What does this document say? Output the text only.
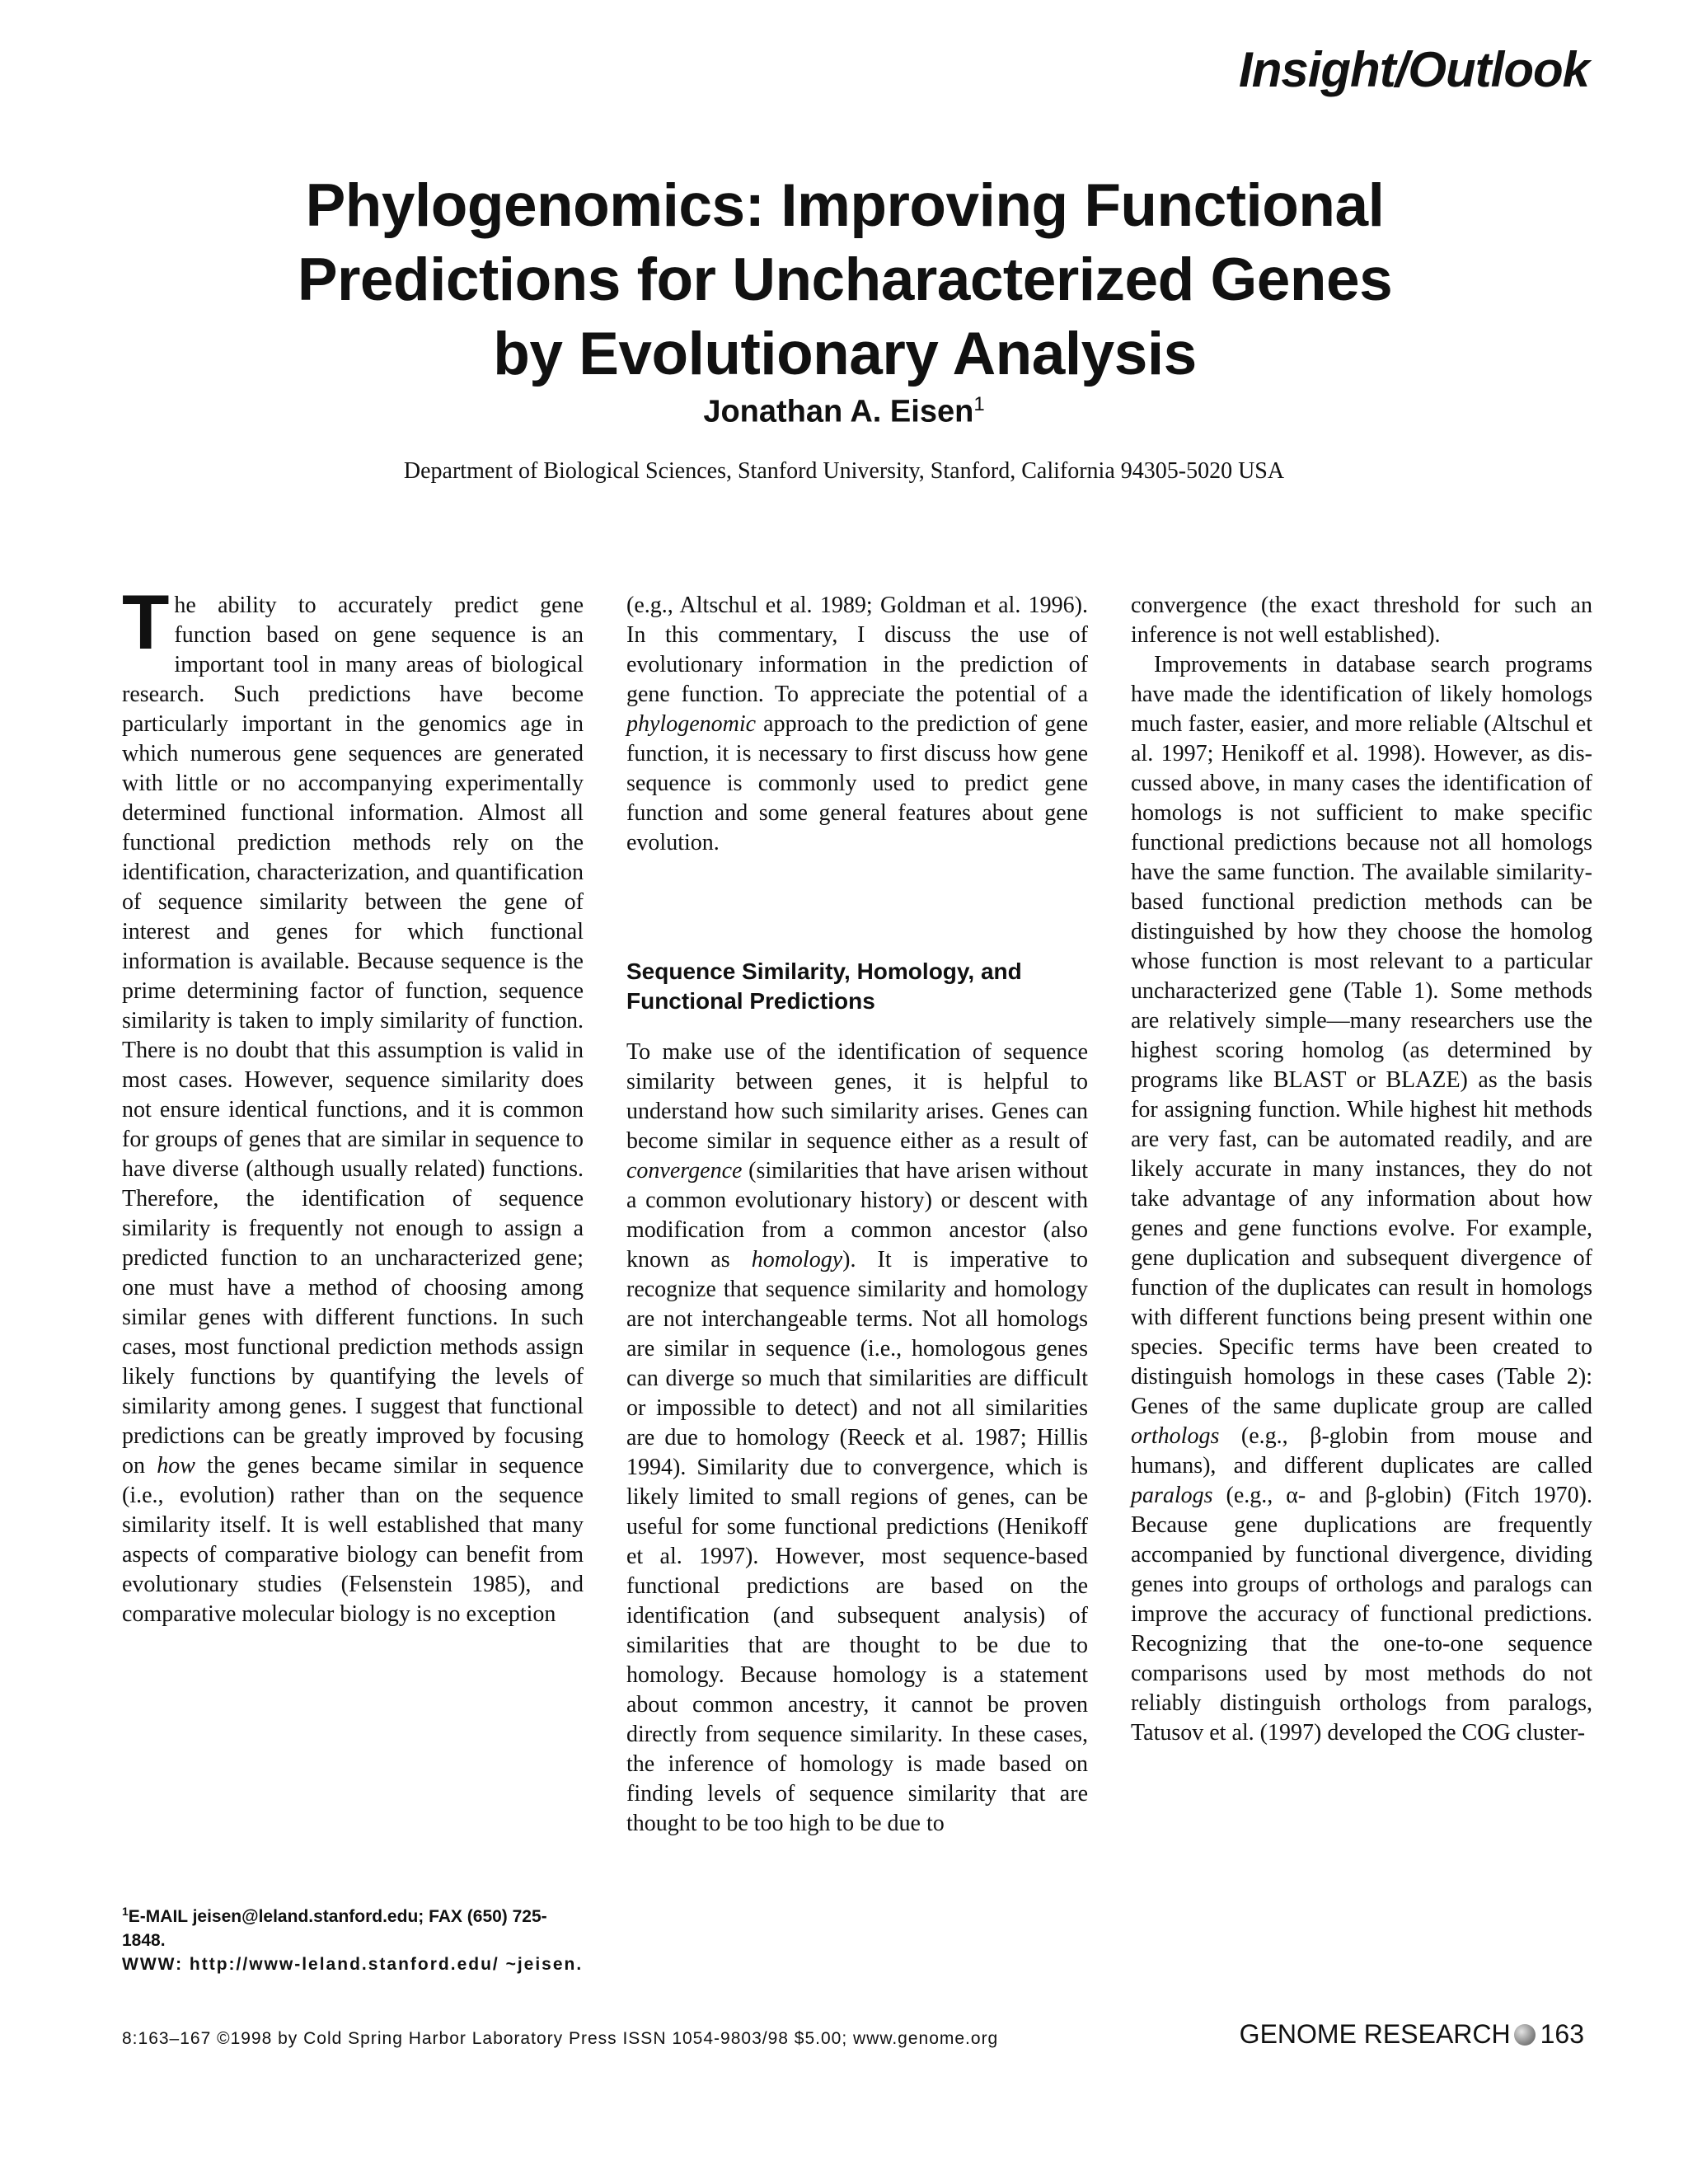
Insight/Outlook
Phylogenomics: Improving Functional
Predictions for Uncharacterized Genes
by Evolutionary Analysis
Jonathan A. Eisen$^1$
Department of Biological Sciences, Stanford University, Stanford, California 94305-5020 USA

The ability to accurately predict gene function based on gene sequence is an important tool in many areas of biological research. Such predictions have become particularly important in the genomics age in which numerous gene sequences are generated with little or no accompanying experimentally determined functional information. Almost all functional prediction methods rely on the identification, characterization, and quantification of sequence similarity between the gene of interest and genes for which functional information is available. Because sequence is the prime determining factor of function, sequence similarity is taken to imply similarity of function. There is no doubt that this assumption is valid in most cases. However, sequence similarity does not ensure identical functions, and it is common for groups of genes that are similar in sequence to have diverse (although usually related) functions. Therefore, the identification of sequence similarity is frequently not enough to assign a predicted function to an uncharacterized gene; one must have a method of choosing among similar genes with different functions. In such cases, most functional prediction methods assign likely functions by quantifying the levels of similarity among genes. I suggest that functional predictions can be greatly improved by focusing on how the genes became similar in sequence (i.e., evolution) rather than on the sequence similarity itself. It is well established that many aspects of comparative biology can benefit from evolutionary studies (Felsenstein 1985), and comparative molecular biology is no exception

(e.g., Altschul et al. 1989; Goldman et al. 1996). In this commentary, I discuss the use of evolutionary information in the prediction of gene function. To appreciate the potential of a phylogenomic approach to the prediction of gene function, it is necessary to first discuss how gene sequence is commonly used to predict gene function and some general features about gene evolution.

Sequence Similarity, Homology, and Functional Predictions

To make use of the identification of sequence similarity between genes, it is helpful to understand how such similarity arises. Genes can become similar in sequence either as a result of convergence (similarities that have arisen without a common evolutionary history) or descent with modification from a common ancestor (also known as homology). It is imperative to recognize that sequence similarity and homology are not interchangeable terms. Not all homologs are similar in sequence (i.e., homologous genes can diverge so much that similarities are difficult or impossible to detect) and not all similarities are due to homology (Reeck et al. 1987; Hillis 1994). Similarity due to convergence, which is likely limited to small regions of genes, can be useful for some functional predictions (Henikoff et al. 1997). However, most sequence-based functional predictions are based on the identification (and subsequent analysis) of similarities that are thought to be due to homology. Because homology is a statement about common ancestry, it cannot be proven directly from sequence similarity. In these cases, the inference of homology is made based on finding levels of sequence similarity that are thought to be too high to be due to

convergence (the exact threshold for such an inference is not well established).

Improvements in database search programs have made the identification of likely homologs much faster, easier, and more reliable (Altschul et al. 1997; Henikoff et al. 1998). However, as discussed above, in many cases the identification of homologs is not sufficient to make specific functional predictions because not all homologs have the same function. The available similarity-based functional prediction methods can be distinguished by how they choose the homolog whose function is most relevant to a particular uncharacterized gene (Table 1). Some methods are relatively simple—many researchers use the highest scoring homolog (as determined by programs like BLAST or BLAZE) as the basis for assigning function. While highest hit methods are very fast, can be automated readily, and are likely accurate in many instances, they do not take advantage of any information about how genes and gene functions evolve. For example, gene duplication and subsequent divergence of function of the duplicates can result in homologs with different functions being present within one species. Specific terms have been created to distinguish homologs in these cases (Table 2): Genes of the same duplicate group are called orthologs (e.g., β-globin from mouse and humans), and different duplicates are called paralogs (e.g., α- and β-globin) (Fitch 1970). Because gene duplications are frequently accompanied by functional divergence, dividing genes into groups of orthologs and paralogs can improve the accuracy of functional predictions. Recognizing that the one-to-one sequence comparisons used by most methods do not reliably distinguish orthologs from paralogs, Tatusov et al. (1997) developed the COG cluster-

$^1$E-MAIL jeisen@leland.stanford.edu; FAX (650) 725-1848.
WWW: http://www-leland.stanford.edu/ ~jeisen.
8:163–167 ©1998 by Cold Spring Harbor Laboratory Press ISSN 1054-9803/98 $5.00; www.genome.org	GENOME RESEARCH 163
